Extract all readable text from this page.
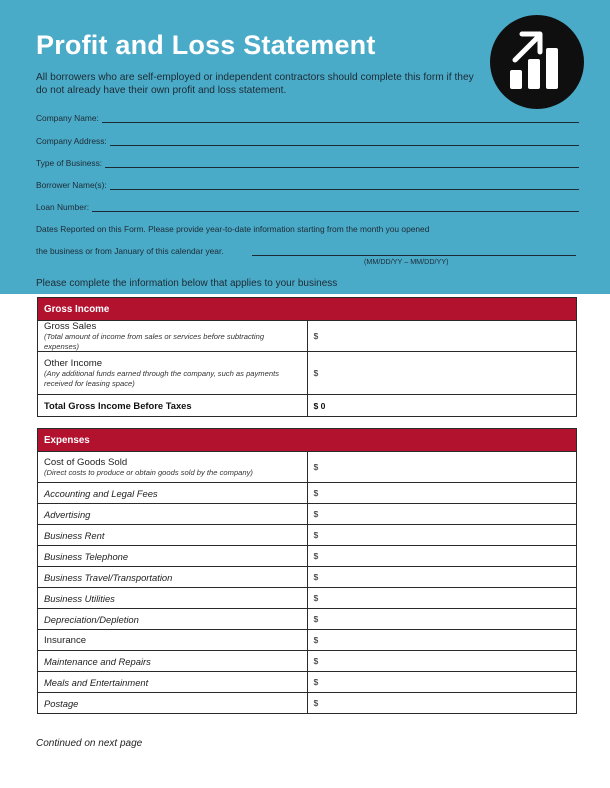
Profit and Loss Statement
All borrowers who are self-employed or independent contractors should complete this form if they do not already have their own profit and loss statement.
Company Name:
Company Address:
Type of Business:
Borrower Name(s):
Loan Number:
Dates Reported on this Form. Please provide year-to-date information starting from the month you opened
the business or from January of this calendar year.
(MM/DD/YY – MM/DD/YY)
Please complete the information below that applies to your business
Gross Income	

Gross Sales
(Total amount of income from sales or services before subtracting expenses)	$

Other Income
(Any additional funds earned through the company, such as payments received for leasing space)	$
Total Gross Income Before Taxes	$ 0
Expenses	

Cost of Goods Sold
(Direct costs to produce or obtain goods sold by the company)	$
Accounting and Legal Fees	$
Advertising	$
Business Rent	$
Business Telephone	$
Business Travel/Transportation	$
Business Utilities	$
Depreciation/Depletion	$
Insurance	$
Maintenance and Repairs	$
Meals and Entertainment	$
Postage	$
Continued on next page
